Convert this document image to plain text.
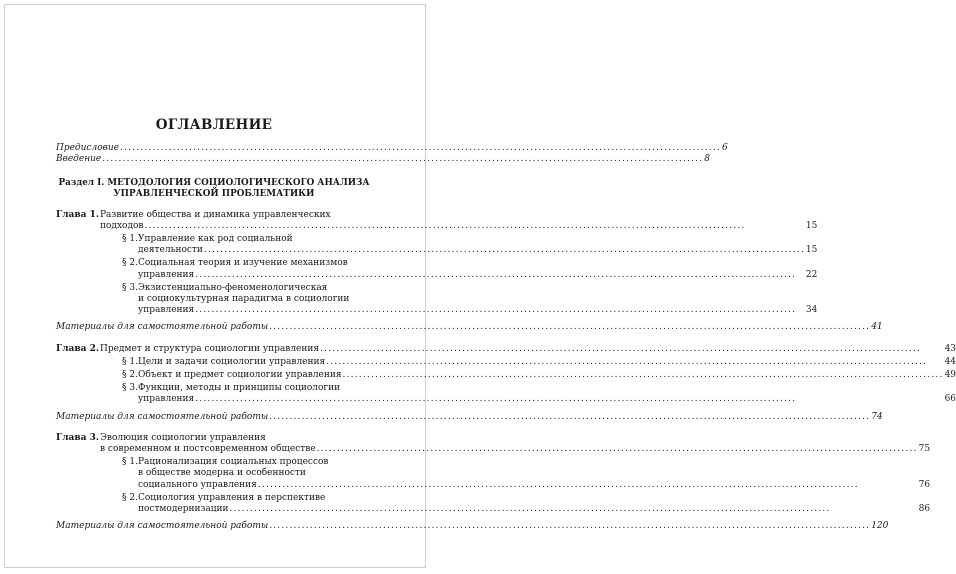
ОГЛАВЛЕНИЕ
Предисловие .....	6
Введение .....	8
Раздел I. МЕТОДОЛОГИЯ СОЦИОЛОГИЧЕСКОГО АНАЛИЗА
УПРАВЛЕНЧЕСКОЙ ПРОБЛЕМАТИКИ
Глава 1. Развитие общества и динамика управленческих
подходов .....	15
§ 1. Управление как род социальной
деятельности .....	15
§ 2. Социальная теория и изучение механизмов
управления .....	22
§ 3. Экзистенциально-феноменологическая
и социокультурная парадигма в социологии
управления .....	34
Материалы для самостоятельной работы .....	41
Глава 2. Предмет и структура социологии управления .....	43
§ 1. Цели и задачи социологии управления .....	44
§ 2. Объект и предмет социологии управления .....	49
§ 3. Функции, методы и принципы социологии
управления .....	66
Материалы для самостоятельной работы .....	74
Глава 3. Эволюция социологии управления
в современном и постсовременном обществе .....	75
§ 1. Рационализация социальных процессов
в обществе модерна и особенности
социального управления .....	76
§ 2. Социология управления в перспективе
постмодернизации .....	86
Материалы для самостоятельной работы .....	120
